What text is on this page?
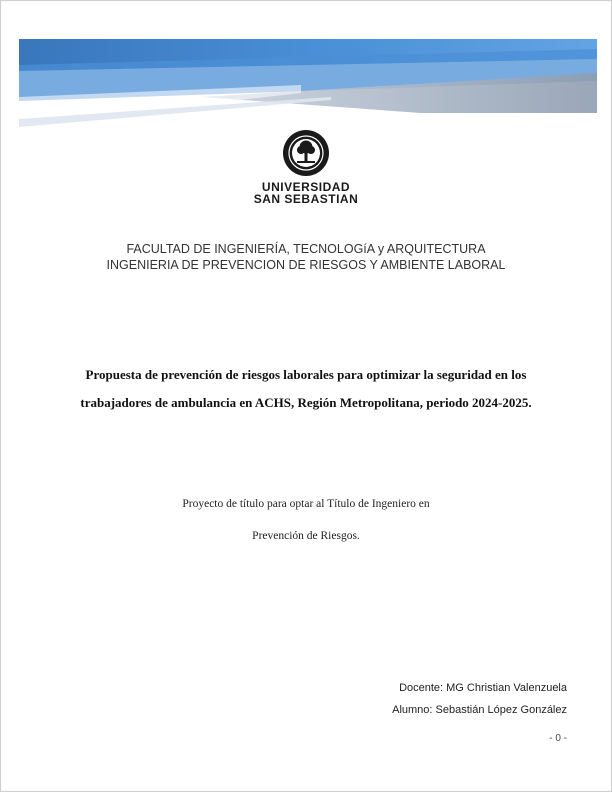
UNIVERSIDAD
SAN SEBASTIAN
FACULTAD DE INGENIERÍA, TECNOLOGíA y ARQUITECTURA
INGENIERIA DE PREVENCION DE RIESGOS Y AMBIENTE LABORAL
Propuesta de prevención de riesgos laborales para optimizar la seguridad en los
trabajadores de ambulancia en ACHS, Región Metropolitana, periodo 2024-2025.
Proyecto de título para optar al Título de Ingeniero en
Prevención de Riesgos.
Docente: MG Christian Valenzuela
Alumno: Sebastián López González
- 0 -
